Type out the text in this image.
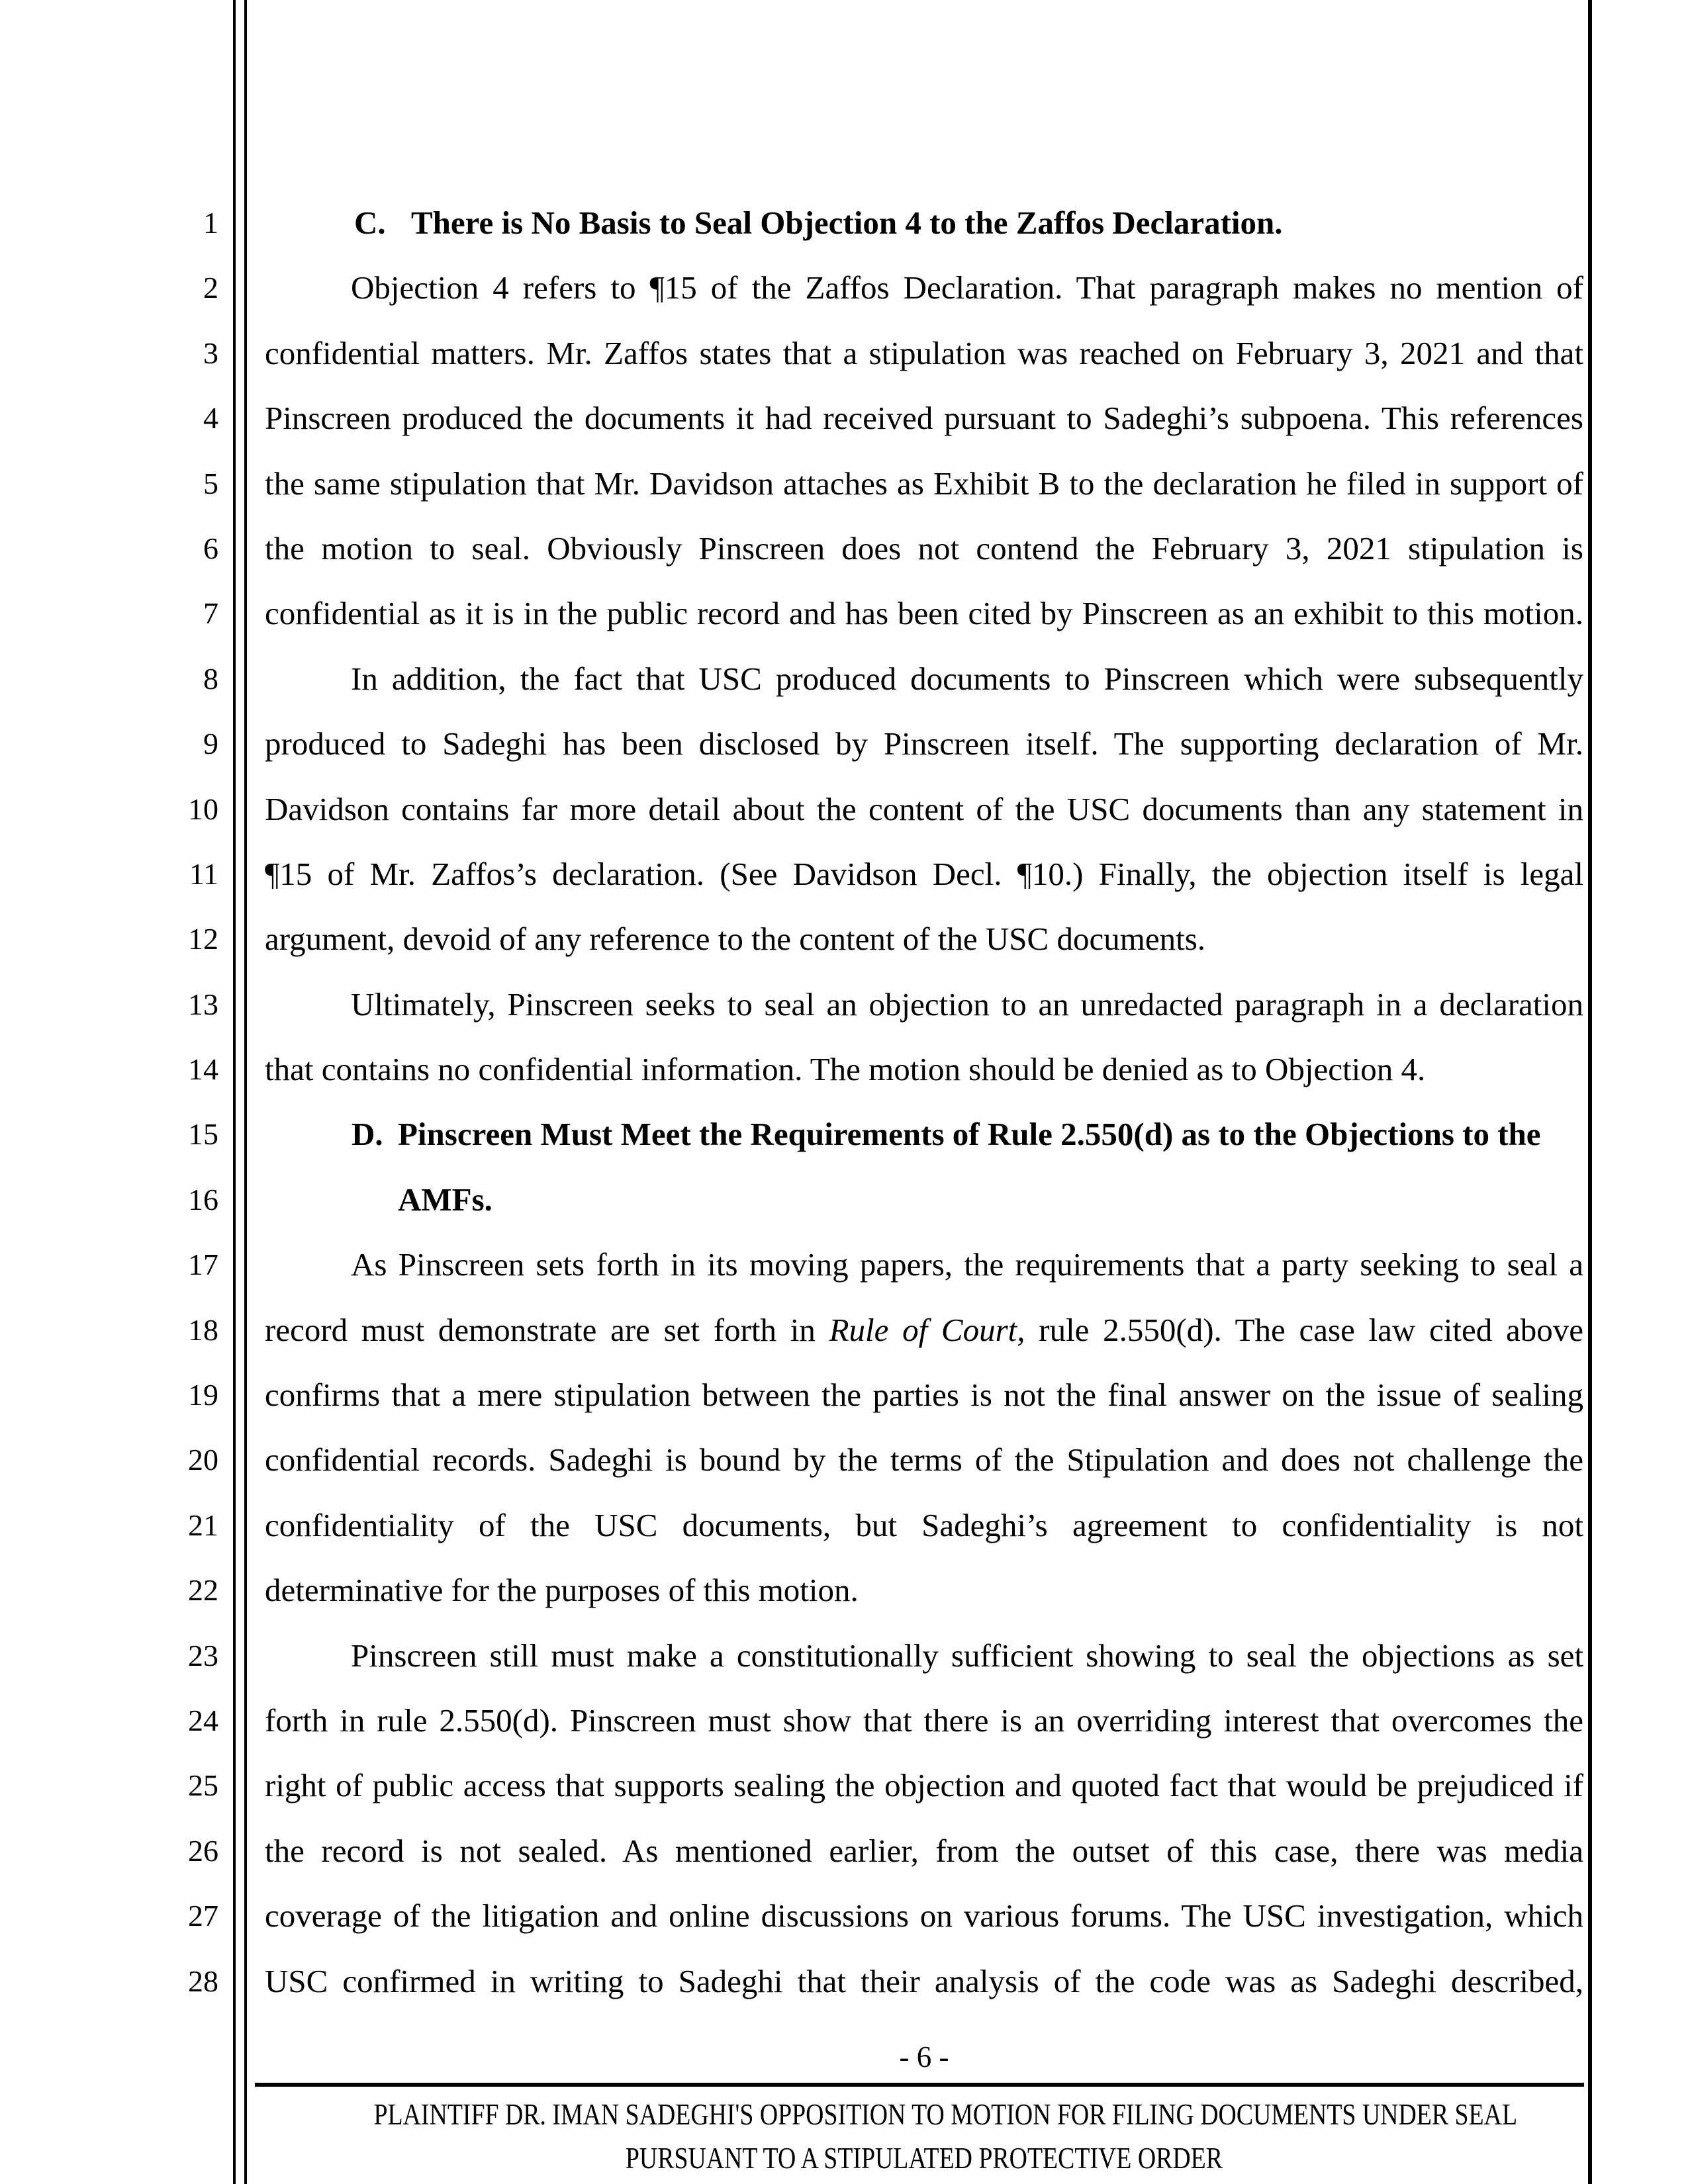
1	C. There is No Basis to Seal Objection 4 to the Zaffos Declaration.
2	Objection 4 refers to ¶15 of the Zaffos Declaration. That paragraph makes no mention of
3 confidential matters. Mr. Zaffos states that a stipulation was reached on February 3, 2021 and that
4 Pinscreen produced the documents it had received pursuant to Sadeghi’s subpoena. This references
5 the same stipulation that Mr. Davidson attaches as Exhibit B to the declaration he filed in support of
6 the motion to seal. Obviously Pinscreen does not contend the February 3, 2021 stipulation is
7 confidential as it is in the public record and has been cited by Pinscreen as an exhibit to this motion.
8	In addition, the fact that USC produced documents to Pinscreen which were subsequently
9 produced to Sadeghi has been disclosed by Pinscreen itself. The supporting declaration of Mr.
10 Davidson contains far more detail about the content of the USC documents than any statement in
11 ¶15 of Mr. Zaffos’s declaration. (See Davidson Decl. ¶10.) Finally, the objection itself is legal
12 argument, devoid of any reference to the content of the USC documents.
13	Ultimately, Pinscreen seeks to seal an objection to an unredacted paragraph in a declaration
14 that contains no confidential information. The motion should be denied as to Objection 4.
15	D. Pinscreen Must Meet the Requirements of Rule 2.550(d) as to the Objections to the
16	AMFs.
17	As Pinscreen sets forth in its moving papers, the requirements that a party seeking to seal a
18 record must demonstrate are set forth in Rule of Court, rule 2.550(d). The case law cited above
19 confirms that a mere stipulation between the parties is not the final answer on the issue of sealing
20 confidential records. Sadeghi is bound by the terms of the Stipulation and does not challenge the
21 confidentiality of the USC documents, but Sadeghi’s agreement to confidentiality is not
22 determinative for the purposes of this motion.
23	Pinscreen still must make a constitutionally sufficient showing to seal the objections as set
24 forth in rule 2.550(d). Pinscreen must show that there is an overriding interest that overcomes the
25 right of public access that supports sealing the objection and quoted fact that would be prejudiced if
26 the record is not sealed. As mentioned earlier, from the outset of this case, there was media
27 coverage of the litigation and online discussions on various forums. The USC investigation, which
28 USC confirmed in writing to Sadeghi that their analysis of the code was as Sadeghi described,
- 6 -
PLAINTIFF DR. IMAN SADEGHI'S OPPOSITION TO MOTION FOR FILING DOCUMENTS UNDER SEAL
PURSUANT TO A STIPULATED PROTECTIVE ORDER
